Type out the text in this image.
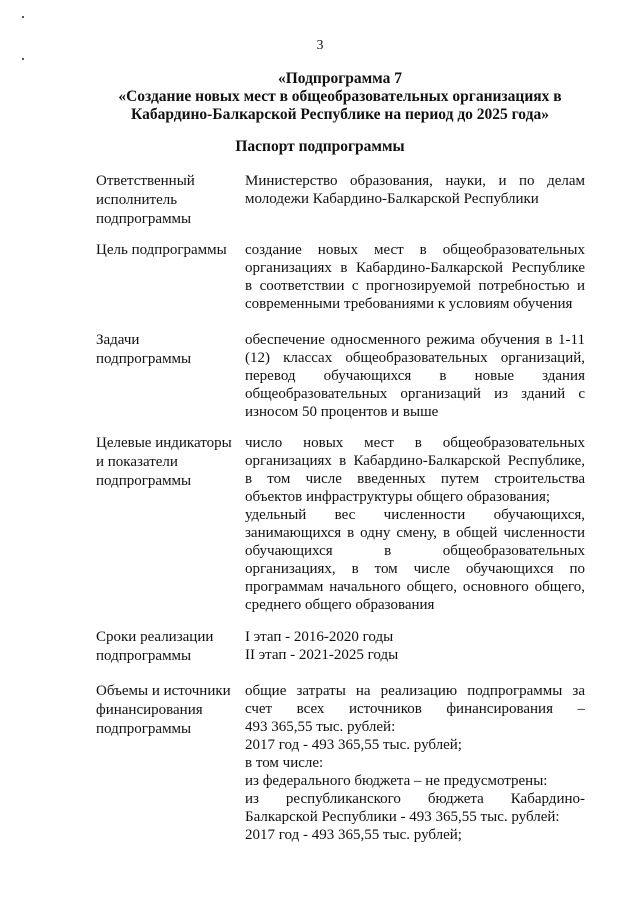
3
«Подпрограмма 7
«Создание новых мест в общеобразовательных организациях в
Кабардино-Балкарской Республике на период до 2025 года»
Паспорт подпрограммы
Ответственный
исполнитель
подпрограммы
Министерство образования, науки, и по делам
молодежи Кабардино-Балкарской Республики
Цель подпрограммы	создание новых мест в общеобразовательных
организациях в Кабардино-Балкарской Республике
в соответствии с прогнозируемой потребностью и
современными требованиями к условиям обучения
Задачи
подпрограммы
обеспечение односменного режима обучения в 1-11
(12) классах общеобразовательных организаций,
перевод обучающихся в новые здания
общеобразовательных организаций из зданий с
износом 50 процентов и выше
Целевые индикаторы
и показатели
подпрограммы
число новых мест в общеобразовательных
организациях в Кабардино-Балкарской Республике,
в том числе введенных путем строительства
объектов инфраструктуры общего образования;
удельный вес численности обучающихся,
занимающихся в одну смену, в общей численности
обучающихся в общеобразовательных
организациях, в том числе обучающихся по
программам начального общего, основного общего,
среднего общего образования
Сроки реализации
подпрограммы
I этап - 2016-2020 годы
II этап - 2021-2025 годы
Объемы и источники
финансирования
подпрограммы
общие затраты на реализацию подпрограммы за
счет всех источников финансирования –
493 365,55 тыс. рублей:
2017 год - 493 365,55 тыс. рублей;
в том числе:
из федерального бюджета – не предусмотрены:
из республиканского бюджета Кабардино-
Балкарской Республики - 493 365,55 тыс. рублей:
2017 год - 493 365,55 тыс. рублей;
